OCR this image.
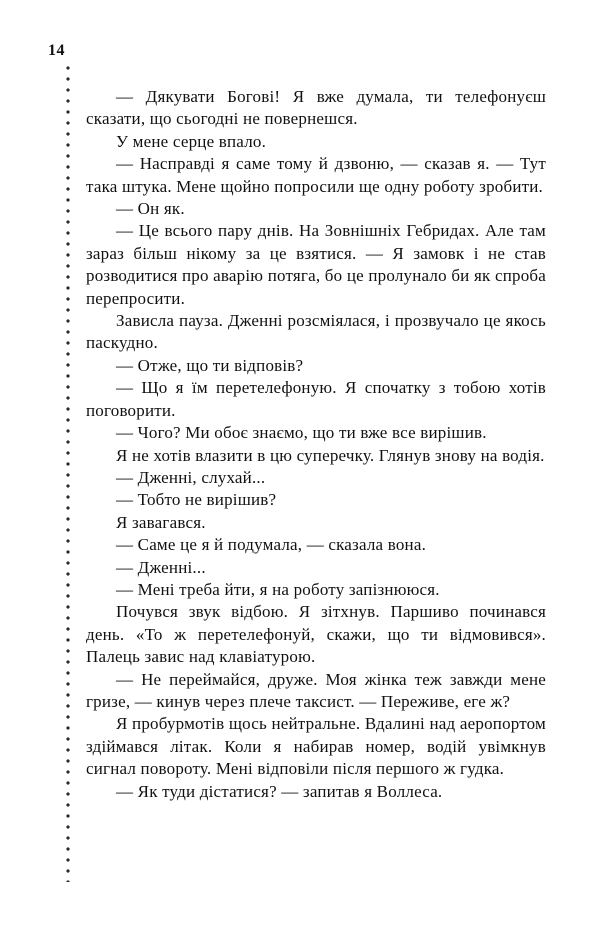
14

— Дякувати Богові! Я вже думала, ти телефонуєш сказати, що сьогодні не повернешся.

У мене серце впало.

— Насправді я саме тому й дзвоню, — сказав я. — Тут така штука. Мене щойно попросили ще одну роботу зробити.

— Он як.

— Це всього пару днів. На Зовнішніх Гебридах. Але там зараз більш нікому за це взятися. — Я замовк і не став розводитися про аварію потяга, бо це пролунало би як спроба перепросити.

Зависла пауза. Дженні розсміялася, і прозвучало це якось паскудно.

— Отже, що ти відповів?

— Що я їм перетелефоную. Я спочатку з тобою хотів поговорити.

— Чого? Ми обоє знаємо, що ти вже все вирішив.

Я не хотів влазити в цю суперечку. Глянув знову на водія.

— Дженні, слухай...

— Тобто не вирішив?

Я завагався.

— Саме це я й подумала, — сказала вона.

— Дженні...

— Мені треба йти, я на роботу запізнююся.

Почувся звук відбою. Я зітхнув. Паршиво починався день. «То ж перетелефонуй, скажи, що ти відмовився». Палець завис над клавіатурою.

— Не переймайся, друже. Моя жінка теж завжди мене гризе, — кинув через плече таксист. — Переживе, еге ж?

Я пробурмотів щось нейтральне. Вдалині над аеропортом здіймався літак. Коли я набирав номер, водій увімкнув сигнал повороту. Мені відповіли після першого ж гудка.

— Як туди дістатися? — запитав я Воллеса.
